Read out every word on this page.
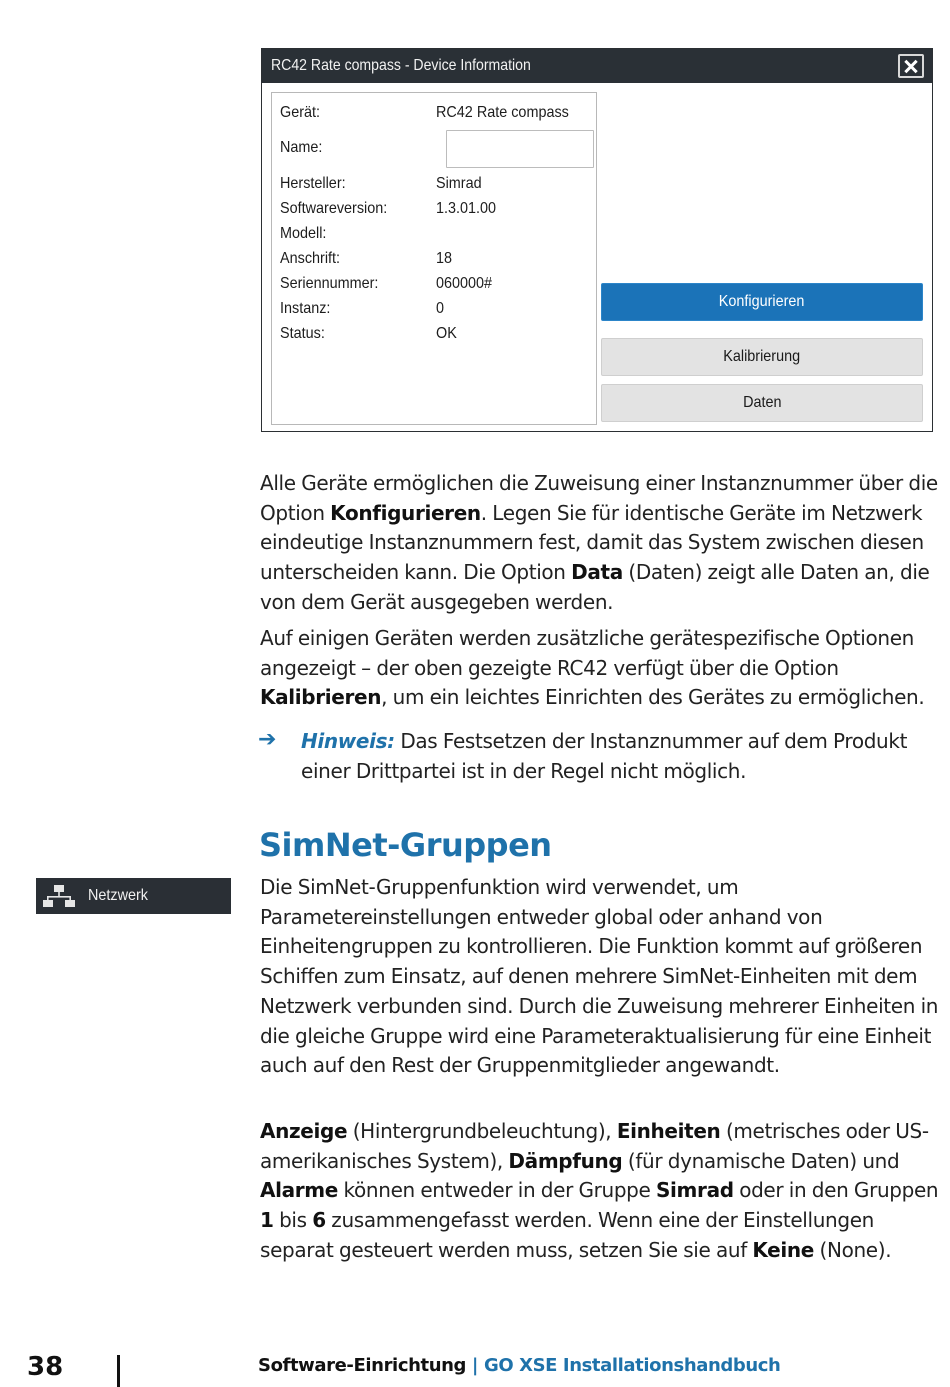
RC42 Rate compass - Device Information
Gerät:	RC42 Rate compass
Name:
Hersteller:	Simrad
Softwareversion:	1.3.01.00
Modell:
Anschrift:	18
Seriennummer:	060000#
Instanz:	0
Status:	OK
Konfigurieren
Kalibrierung
Daten

Alle Geräte ermöglichen die Zuweisung einer Instanznummer über die Option Konfigurieren. Legen Sie für identische Geräte im Netzwerk eindeutige Instanznummern fest, damit das System zwischen diesen unterscheiden kann. Die Option Data (Daten) zeigt alle Daten an, die von dem Gerät ausgegeben werden.

Auf einigen Geräten werden zusätzliche gerätespezifische Optionen angezeigt – der oben gezeigte RC42 verfügt über die Option Kalibrieren, um ein leichtes Einrichten des Gerätes zu ermöglichen.

➔ Hinweis: Das Festsetzen der Instanznummer auf dem Produkt einer Drittpartei ist in der Regel nicht möglich.

SimNet-Gruppen
Netzwerk	Die SimNet-Gruppenfunktion wird verwendet, um Parametereinstellungen entweder global oder anhand von Einheitengruppen zu kontrollieren. Die Funktion kommt auf größeren Schiffen zum Einsatz, auf denen mehrere SimNet-Einheiten mit dem Netzwerk verbunden sind. Durch die Zuweisung mehrerer Einheiten in die gleiche Gruppe wird eine Parameteraktualisierung für eine Einheit auch auf den Rest der Gruppenmitglieder angewandt.

Anzeige (Hintergrundbeleuchtung), Einheiten (metrisches oder US-amerikanisches System), Dämpfung (für dynamische Daten) und Alarme können entweder in der Gruppe Simrad oder in den Gruppen 1 bis 6 zusammengefasst werden. Wenn eine der Einstellungen separat gesteuert werden muss, setzen Sie sie auf Keine (None).

38	Software-Einrichtung | GO XSE Installationshandbuch
